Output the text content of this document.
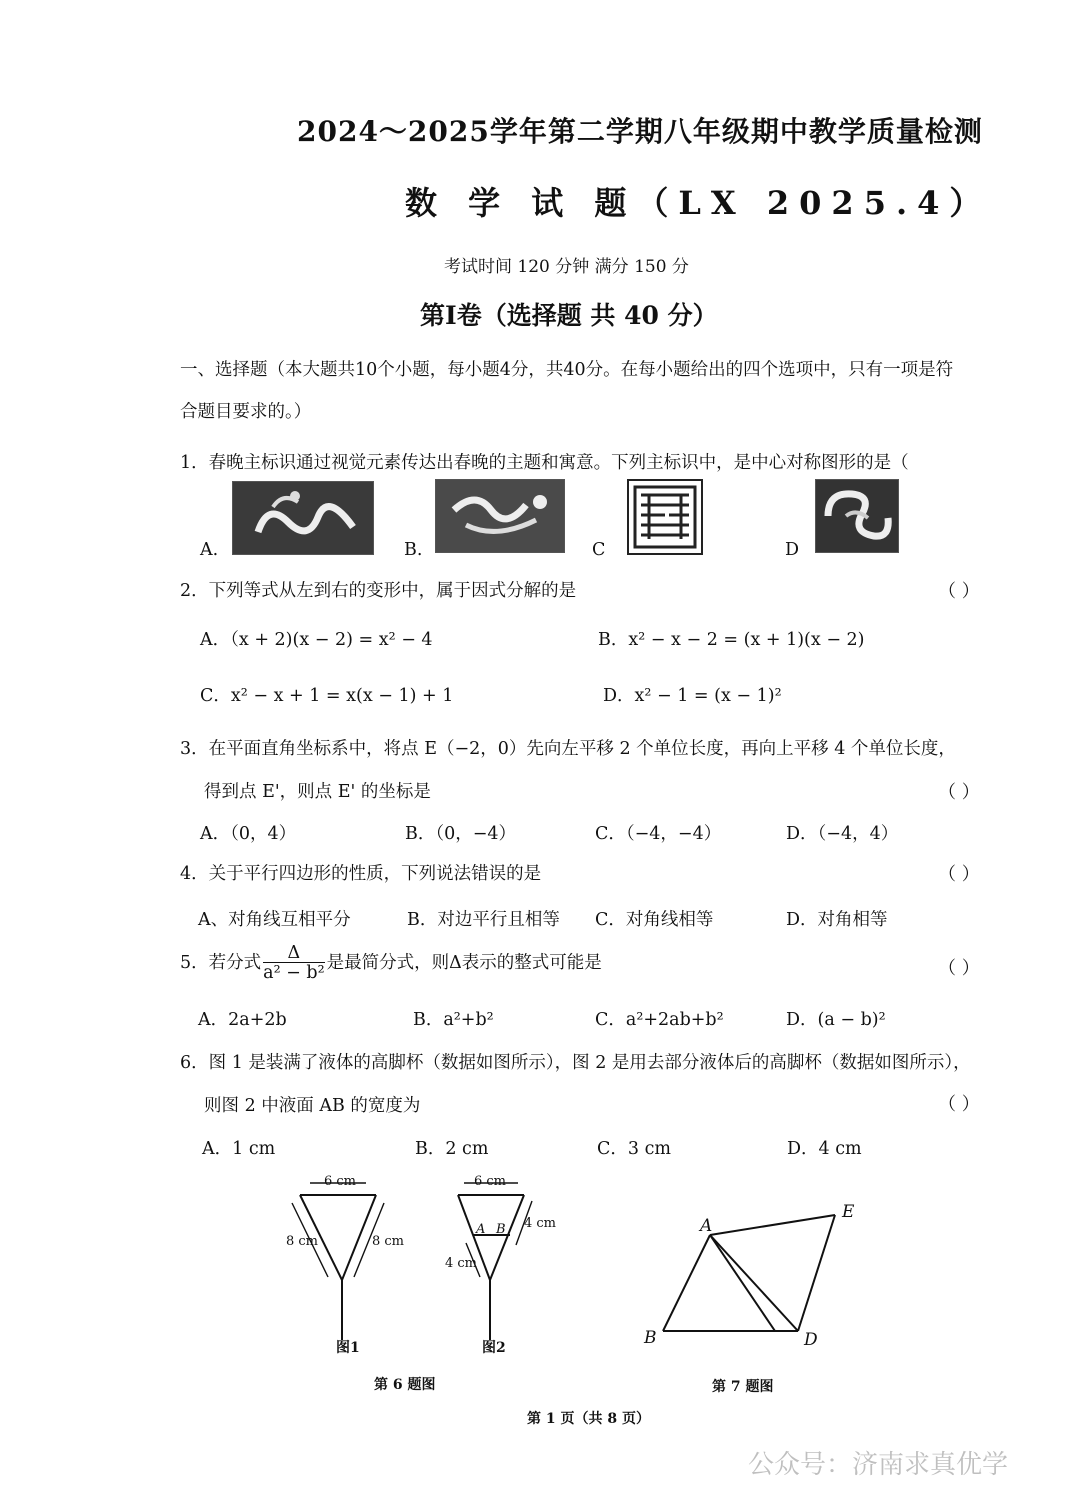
2024～2025学年第二学期八年级期中教学质量检测
数 学 试 题（LX 2025.4）
考试时间 120 分钟 满分 150 分
第Ⅰ卷（选择题 共 40 分）
一、选择题（本大题共10个小题，每小题4分，共40分。在每小题给出的四个选项中，只有一项是符
合题目要求的。）
1．春晚主标识通过视觉元素传达出春晚的主题和寓意。下列主标识中，是中心对称图形的是（
A.	B.	C	D
2．下列等式从左到右的变形中，属于因式分解的是	（ ）
A．（x + 2)(x − 2) = x² − 4	B．x² − x − 2 = (x + 1)(x − 2)
C．x² − x + 1 = x(x − 1) + 1	D．x² − 1 = (x − 1)²
3．在平面直角坐标系中，将点 E（−2，0）先向左平移 2 个单位长度，再向上平移 4 个单位长度，
得到点 E'，则点 E' 的坐标是	（ ）
A．（0，4）	B．（0，−4）	C．（−4，−4）	D．（−4，4）
4．关于平行四边形的性质，下列说法错误的是	（ ）
A、对角线互相平分	B．对边平行且相等 C．对角线相等	D．对角相等
5．若分式 $\frac{\Delta}{\text{a² − b²}}$ 是最简分式，则Δ表示的整式可能是	（ ）
A．2a+2b	B．a²+b²	C．a²+2ab+b²	D．(a − b)²
6．图 1 是装满了液体的高脚杯（数据如图所示），图 2 是用去部分液体后的高脚杯（数据如图所示），
则图 2 中液面 AB 的宽度为	（ ）
A．1 cm	B．2 cm	C．3 cm	D．4 cm
6 cm
8 cm	8 cm
图1
6 cm
4 cm
4 cm
A B
图2
第 6 题图
A
B	D
E
第 7 题图
第 1 页（共 8 页）
公众号：济南求真优学
